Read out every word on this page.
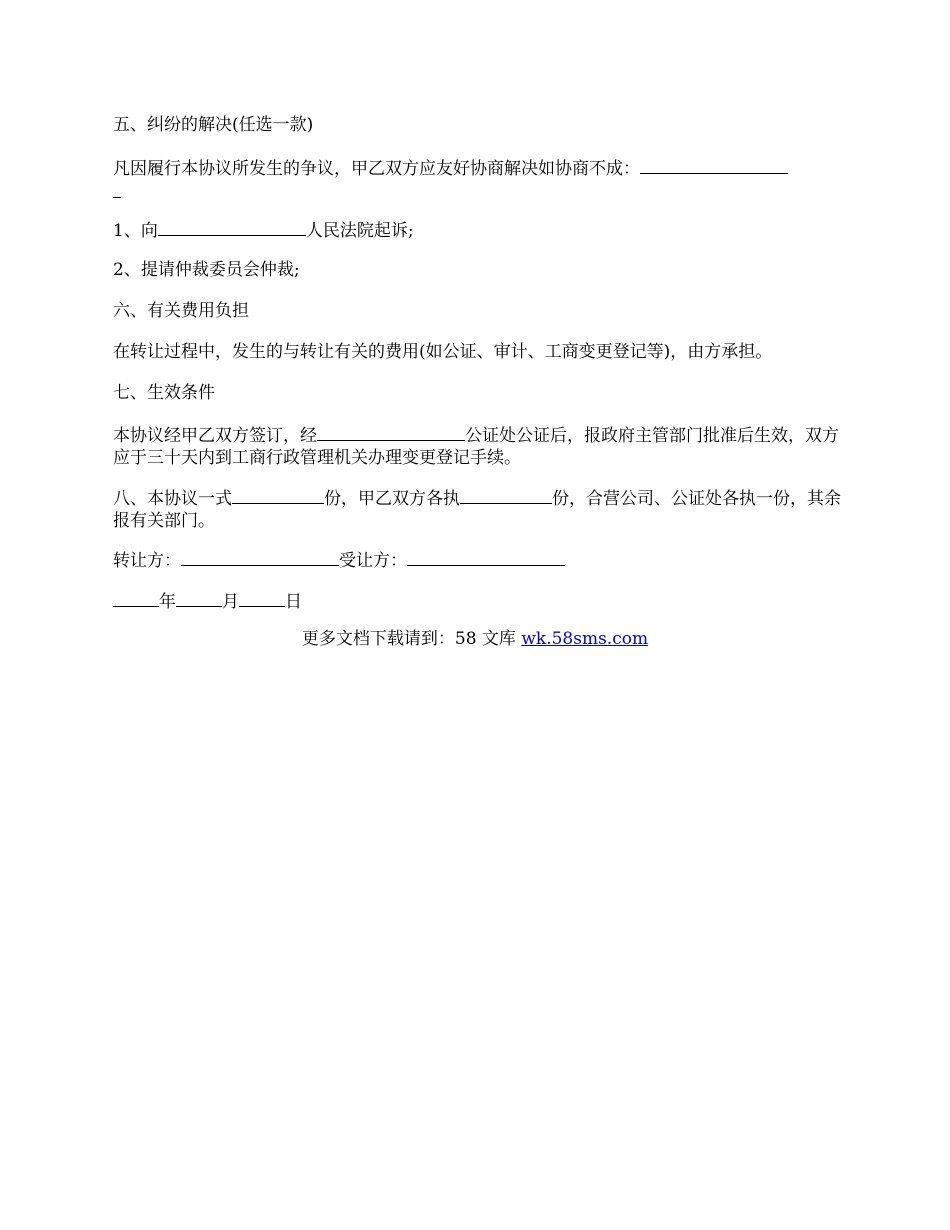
五、纠纷的解决(任选一款)
凡因履行本协议所发生的争议，甲乙双方应友好协商解决如协商不成：

1、向	人民法院起诉;
2、提请仲裁委员会仲裁;
六、有关费用负担
在转让过程中，发生的与转让有关的费用(如公证、审计、工商变更登记等)，由方承担。
七、生效条件
本协议经甲乙双方签订，经	公证处公证后，报政府主管部门批准后生效，双方应于三十天内到工商行政管理机关办理变更登记手续。
八、本协议一式	份，甲乙双方各执	份，合营公司、公证处各执一份，其余报有关部门。
转让方：	受让方：
年	月	日
更多文档下载请到：58 文库 wk.58sms.com
